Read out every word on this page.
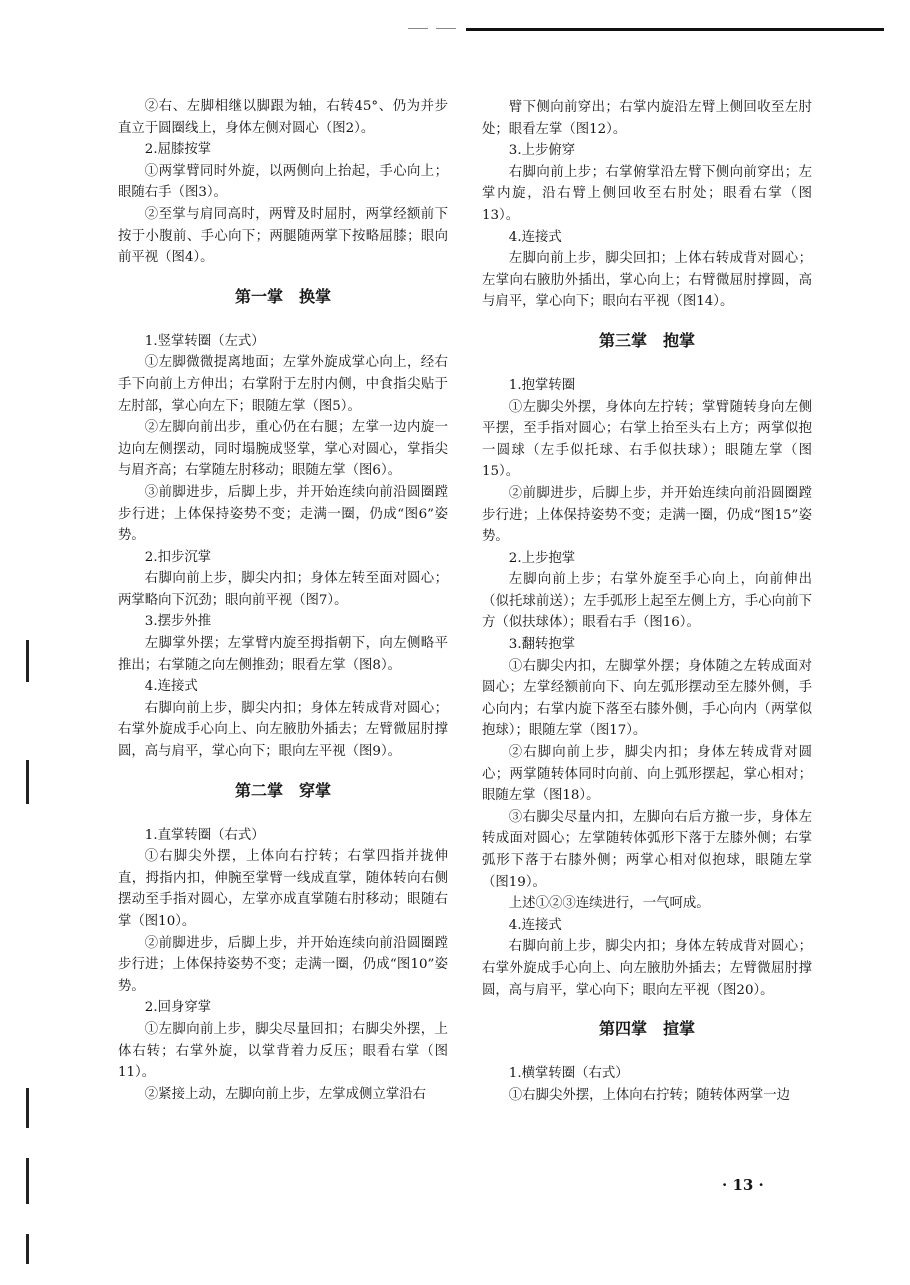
②右、左脚相继以脚跟为轴，右转45°、仍为并步直立于圆圈线上，身体左侧对圆心（图2）。

2.屈膝按掌

①两掌臂同时外旋，以两侧向上抬起，手心向上；眼随右手（图3）。

②至掌与肩同高时，两臂及时屈肘，两掌经额前下按于小腹前、手心向下；两腿随两掌下按略屈膝；眼向前平视（图4）。

第一掌　换掌

1.竖掌转圈（左式）

①左脚微微提离地面；左掌外旋成掌心向上，经右手下向前上方伸出；右掌附于左肘内侧，中食指尖贴于左肘部，掌心向左下；眼随左掌（图5）。

②左脚向前出步，重心仍在右腿；左掌一边内旋一边向左侧摆动，同时塌腕成竖掌，掌心对圆心，掌指尖与眉齐高；右掌随左肘移动；眼随左掌（图6）。

③前脚进步，后脚上步，并开始连续向前沿圆圈蹚步行进；上体保持姿势不变；走满一圈，仍成“图6”姿势。

2.扣步沉掌

右脚向前上步，脚尖内扣；身体左转至面对圆心；两掌略向下沉劲；眼向前平视（图7）。

3.摆步外推

左脚掌外摆；左掌臂内旋至拇指朝下，向左侧略平推出；右掌随之向左侧推劲；眼看左掌（图8）。

4.连接式

右脚向前上步，脚尖内扣；身体左转成背对圆心；右掌外旋成手心向上、向左腋肋外插去；左臂微屈肘撑圆，高与肩平，掌心向下；眼向左平视（图9）。

第二掌　穿掌

1.直掌转圈（右式）

①右脚尖外摆，上体向右拧转；右掌四指并拢伸直，拇指内扣，伸腕至掌臂一线成直掌，随体转向右侧摆动至手指对圆心，左掌亦成直掌随右肘移动；眼随右掌（图10）。

②前脚进步，后脚上步，并开始连续向前沿圆圈蹚步行进；上体保持姿势不变；走满一圈，仍成“图10”姿势。

2.回身穿掌

①左脚向前上步，脚尖尽量回扣；右脚尖外摆，上体右转；右掌外旋，以掌背着力反压；眼看右掌（图11）。

②紧接上动，左脚向前上步，左掌成侧立掌沿右

臂下侧向前穿出；右掌内旋沿左臂上侧回收至左肘处；眼看左掌（图12）。

3.上步俯穿

右脚向前上步；右掌俯掌沿左臂下侧向前穿出；左掌内旋，沿右臂上侧回收至右肘处；眼看右掌（图13）。

4.连接式

左脚向前上步，脚尖回扣；上体右转成背对圆心；左掌向右腋肋外插出，掌心向上；右臂微屈肘撑圆，高与肩平，掌心向下；眼向右平视（图14）。

第三掌　抱掌

1.抱掌转圈

①左脚尖外摆，身体向左拧转；掌臂随转身向左侧平摆，至手指对圆心；右掌上抬至头右上方；两掌似抱一圆球（左手似托球、右手似扶球）；眼随左掌（图15）。

②前脚进步，后脚上步，并开始连续向前沿圆圈蹚步行进；上体保持姿势不变；走满一圈，仍成“图15”姿势。

2.上步抱掌

左脚向前上步；右掌外旋至手心向上，向前伸出（似托球前送）；左手弧形上起至左侧上方，手心向前下方（似扶球体）；眼看右手（图16）。

3.翻转抱掌

①右脚尖内扣，左脚掌外摆；身体随之左转成面对圆心；左掌经额前向下、向左弧形摆动至左膝外侧，手心向内；右掌内旋下落至右膝外侧，手心向内（两掌似抱球）；眼随左掌（图17）。

②右脚向前上步，脚尖内扣；身体左转成背对圆心；两掌随转体同时向前、向上弧形摆起，掌心相对；眼随左掌（图18）。

③右脚尖尽量内扣，左脚向右后方撤一步，身体左转成面对圆心；左掌随转体弧形下落于左膝外侧；右掌弧形下落于右膝外侧；两掌心相对似抱球，眼随左掌（图19）。

上述①②③连续进行，一气呵成。

4.连接式

右脚向前上步，脚尖内扣；身体左转成背对圆心；右掌外旋成手心向上、向左腋肋外插去；左臂微屈肘撑圆，高与肩平，掌心向下；眼向左平视（图20）。

第四掌　揎掌

1.横掌转圈（右式）

①右脚尖外摆，上体向右拧转；随转体两掌一边

· 13 ·
